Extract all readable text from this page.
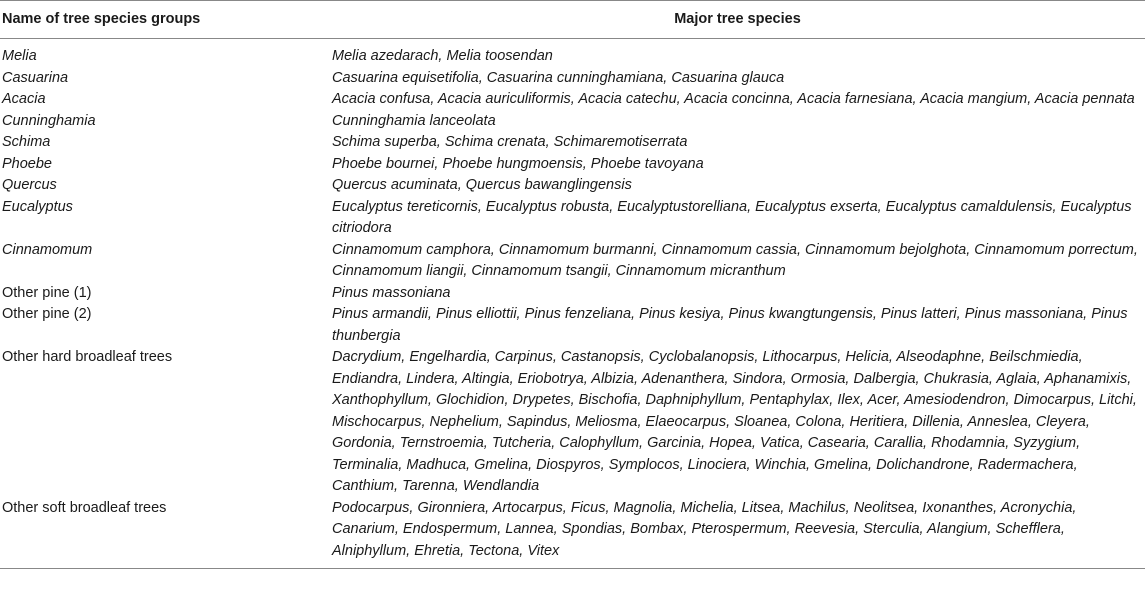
Name of tree species groups	Major tree species
Melia	Melia azedarach, Melia toosendan
Casuarina	Casuarina equisetifolia, Casuarina cunninghamiana, Casuarina glauca
Acacia	Acacia confusa, Acacia auriculiformis, Acacia catechu, Acacia concinna, Acacia farnesiana, Acacia mangium, Acacia pennata
Cunninghamia	Cunninghamia lanceolata
Schima	Schima superba, Schima crenata, Schimaremotiserrata
Phoebe	Phoebe bournei, Phoebe hungmoensis, Phoebe tavoyana
Quercus	Quercus acuminata, Quercus bawanglingensis
Eucalyptus	Eucalyptus tereticornis, Eucalyptus robusta, Eucalyptustorelliana, Eucalyptus exserta, Eucalyptus camaldulensis, Eucalyptus citriodora
Cinnamomum	Cinnamomum camphora, Cinnamomum burmanni, Cinnamomum cassia, Cinnamomum bejolghota, Cinnamomum porrectum, Cinnamomum liangii, Cinnamomum tsangii, Cinnamomum micranthum
Other pine (1)	Pinus massoniana
Other pine (2)	Pinus armandii, Pinus elliottii, Pinus fenzeliana, Pinus kesiya, Pinus kwangtungensis, Pinus latteri, Pinus massoniana, Pinus thunbergia
Other hard broadleaf trees	Dacrydium, Engelhardia, Carpinus, Castanopsis, Cyclobalanopsis, Lithocarpus, Helicia, Alseodaphne, Beilschmiedia, Endiandra, Lindera, Altingia, Eriobotrya, Albizia, Adenanthera, Sindora, Ormosia, Dalbergia, Chukrasia, Aglaia, Aphanamixis, Xanthophyllum, Glochidion, Drypetes, Bischofia, Daphniphyllum, Pentaphylax, Ilex, Acer, Amesiodendron, Dimocarpus, Litchi, Mischocarpus, Nephelium, Sapindus, Meliosma, Elaeocarpus, Sloanea, Colona, Heritiera, Dillenia, Anneslea, Cleyera, Gordonia, Ternstroemia, Tutcheria, Calophyllum, Garcinia, Hopea, Vatica, Casearia, Carallia, Rhodamnia, Syzygium, Terminalia, Madhuca, Gmelina, Diospyros, Symplocos, Linociera, Winchia, Gmelina, Dolichandrone, Radermachera, Canthium, Tarenna, Wendlandia
Other soft broadleaf trees	Podocarpus, Gironniera, Artocarpus, Ficus, Magnolia, Michelia, Litsea, Machilus, Neolitsea, Ixonanthes, Acronychia, Canarium, Endospermum, Lannea, Spondias, Bombax, Pterospermum, Reevesia, Sterculia, Alangium, Schefflera, Alniphyllum, Ehretia, Tectona, Vitex
